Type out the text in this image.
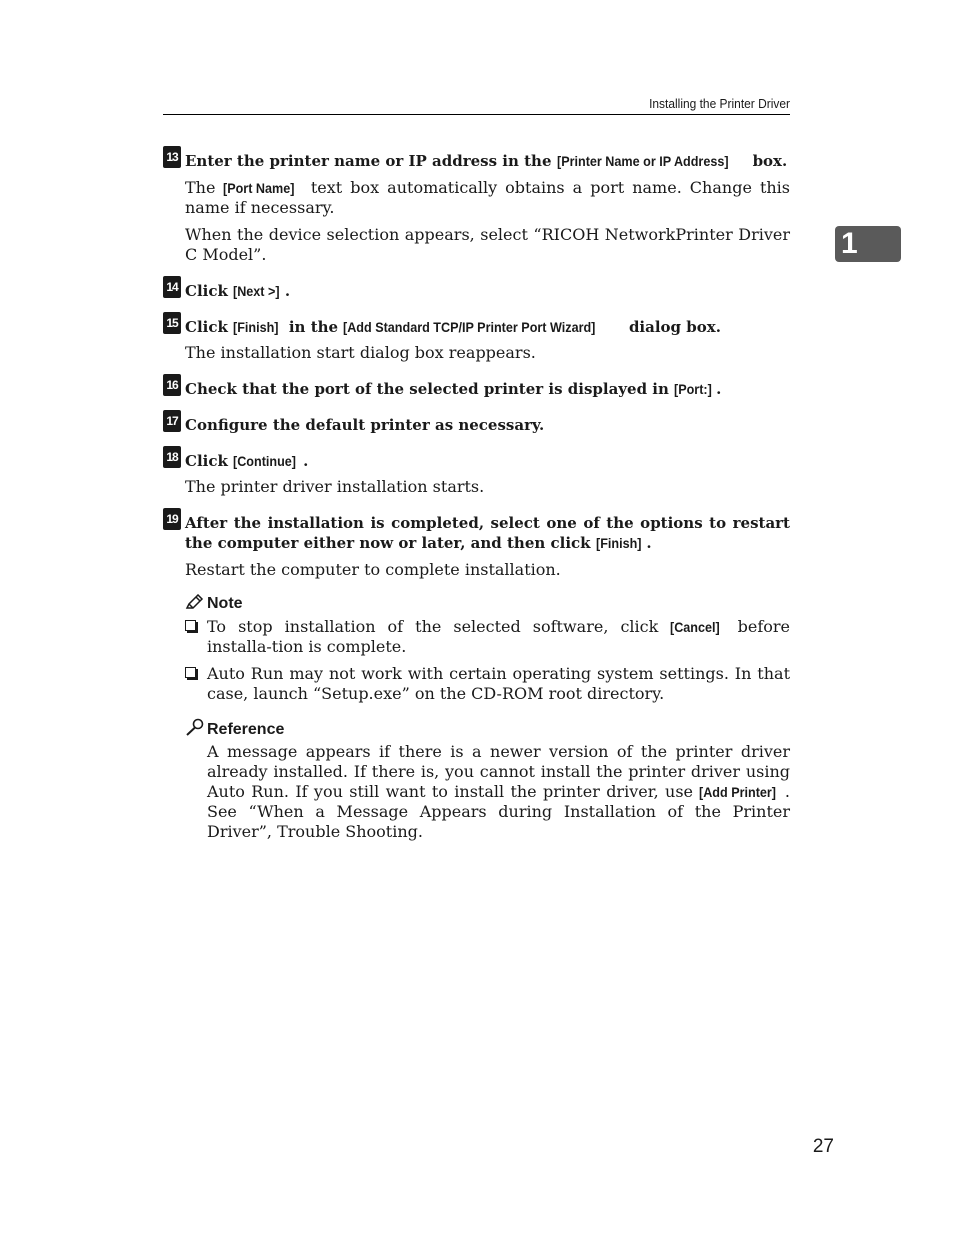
Installing the Printer Driver
1
13 Enter the printer name or IP address in the [Printer Name or IP Address] box.
The [Port Name] text box automatically obtains a port name. Change this name if necessary.
When the device selection appears, select “RICOH NetworkPrinter Driver C Model”.
14 Click [Next >] .
15 Click [Finish] in the [Add Standard TCP/IP Printer Port Wizard] dialog box.
The installation start dialog box reappears.
16 Check that the port of the selected printer is displayed in [Port:] .
17 Configure the default printer as necessary.
18 Click [Continue] .
The printer driver installation starts.
19 After the installation is completed, select one of the options to restart the computer either now or later, and then click [Finish] .
Restart the computer to complete installation.
Note
To stop installation of the selected software, click [Cancel] before installa-tion is complete.
Auto Run may not work with certain operating system settings. In that case, launch “Setup.exe” on the CD-ROM root directory.
Reference
A message appears if there is a newer version of the printer driver already installed. If there is, you cannot install the printer driver using Auto Run. If you still want to install the printer driver, use [Add Printer] . See “When a Message Appears during Installation of the Printer Driver”, Trouble Shooting.
27
